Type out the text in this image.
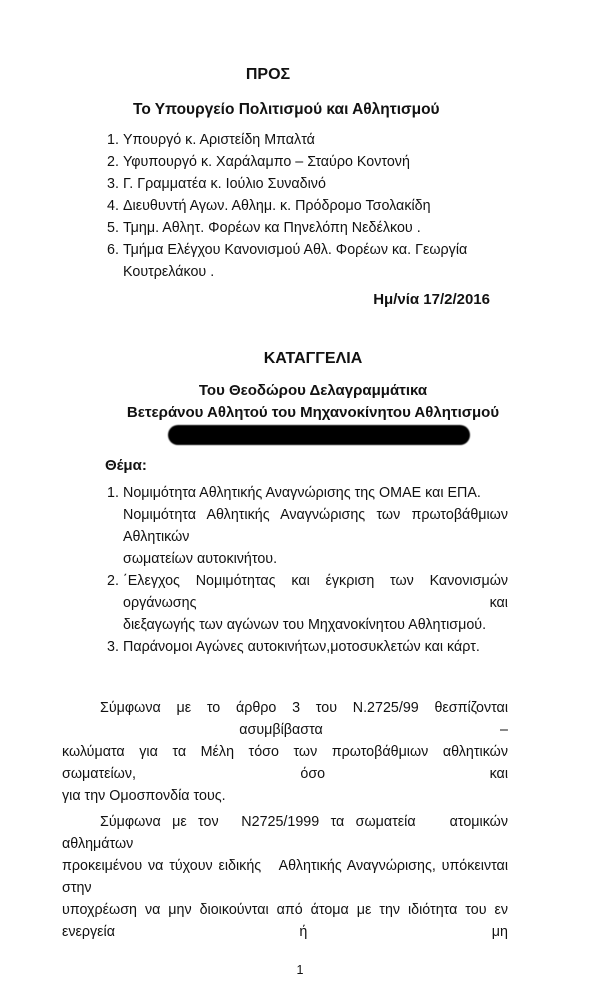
ΠΡΟΣ
Το Υπουργείο Πολιτισμού και Αθλητισμού
1. Υπουργό κ. Αριστείδη Μπαλτά
2. Υφυπουργό κ. Χαράλαμπο – Σταύρο Κοντονή
3. Γ. Γραμματέα κ. Ιούλιο Συναδινό
4. Διευθυντή Αγων. Αθλημ. κ. Πρόδρομο Τσολακίδη
5. Τμημ. Αθλητ. Φορέων κα Πηνελόπη Νεδέλκου .
6. Τμήμα Ελέγχου Κανονισμού Αθλ. Φορέων κα. Γεωργία Κουτρελάκου .
Ημ/νία 17/2/2016
ΚΑΤΑΓΓΕΛΙΑ
Του Θεοδώρου Δελαγραμμάτικα
Βετεράνου Αθλητού του Μηχανοκίνητου Αθλητισμού
Θέμα:
1. Νομιμότητα Αθλητικής Αναγνώρισης της ΟΜΑΕ και ΕΠΑ.
Νομιμότητα Αθλητικής Αναγνώρισης των πρωτοβάθμιων Αθλητικών
σωματείων αυτοκινήτου.
2. ΄Ελεγχος Νομιμότητας και έγκριση των Κανονισμών οργάνωσης και
διεξαγωγής των αγώνων του Μηχανοκίνητου Αθλητισμού.
3. Παράνομοι Αγώνες αυτοκινήτων,μοτοσυκλετών και κάρτ.
Σύμφωνα με το άρθρο 3 του Ν.2725/99 θεσπίζονται  ασυμβίβαστα –
κωλύματα για τα Μέλη τόσο των πρωτοβάθμιων αθλητικών σωματείων, όσο και
για την Ομοσπονδία τους.
Σύμφωνα με τον  N2725/1999 τα σωματεία   ατομικών αθλημάτων
προκειμένου να τύχουν ειδικής   Αθλητικής Αναγνώρισης, υπόκεινται στην
υποχρέωση να μην διοικούνται από άτομα με την ιδιότητα του εν ενεργεία ή μη
1
